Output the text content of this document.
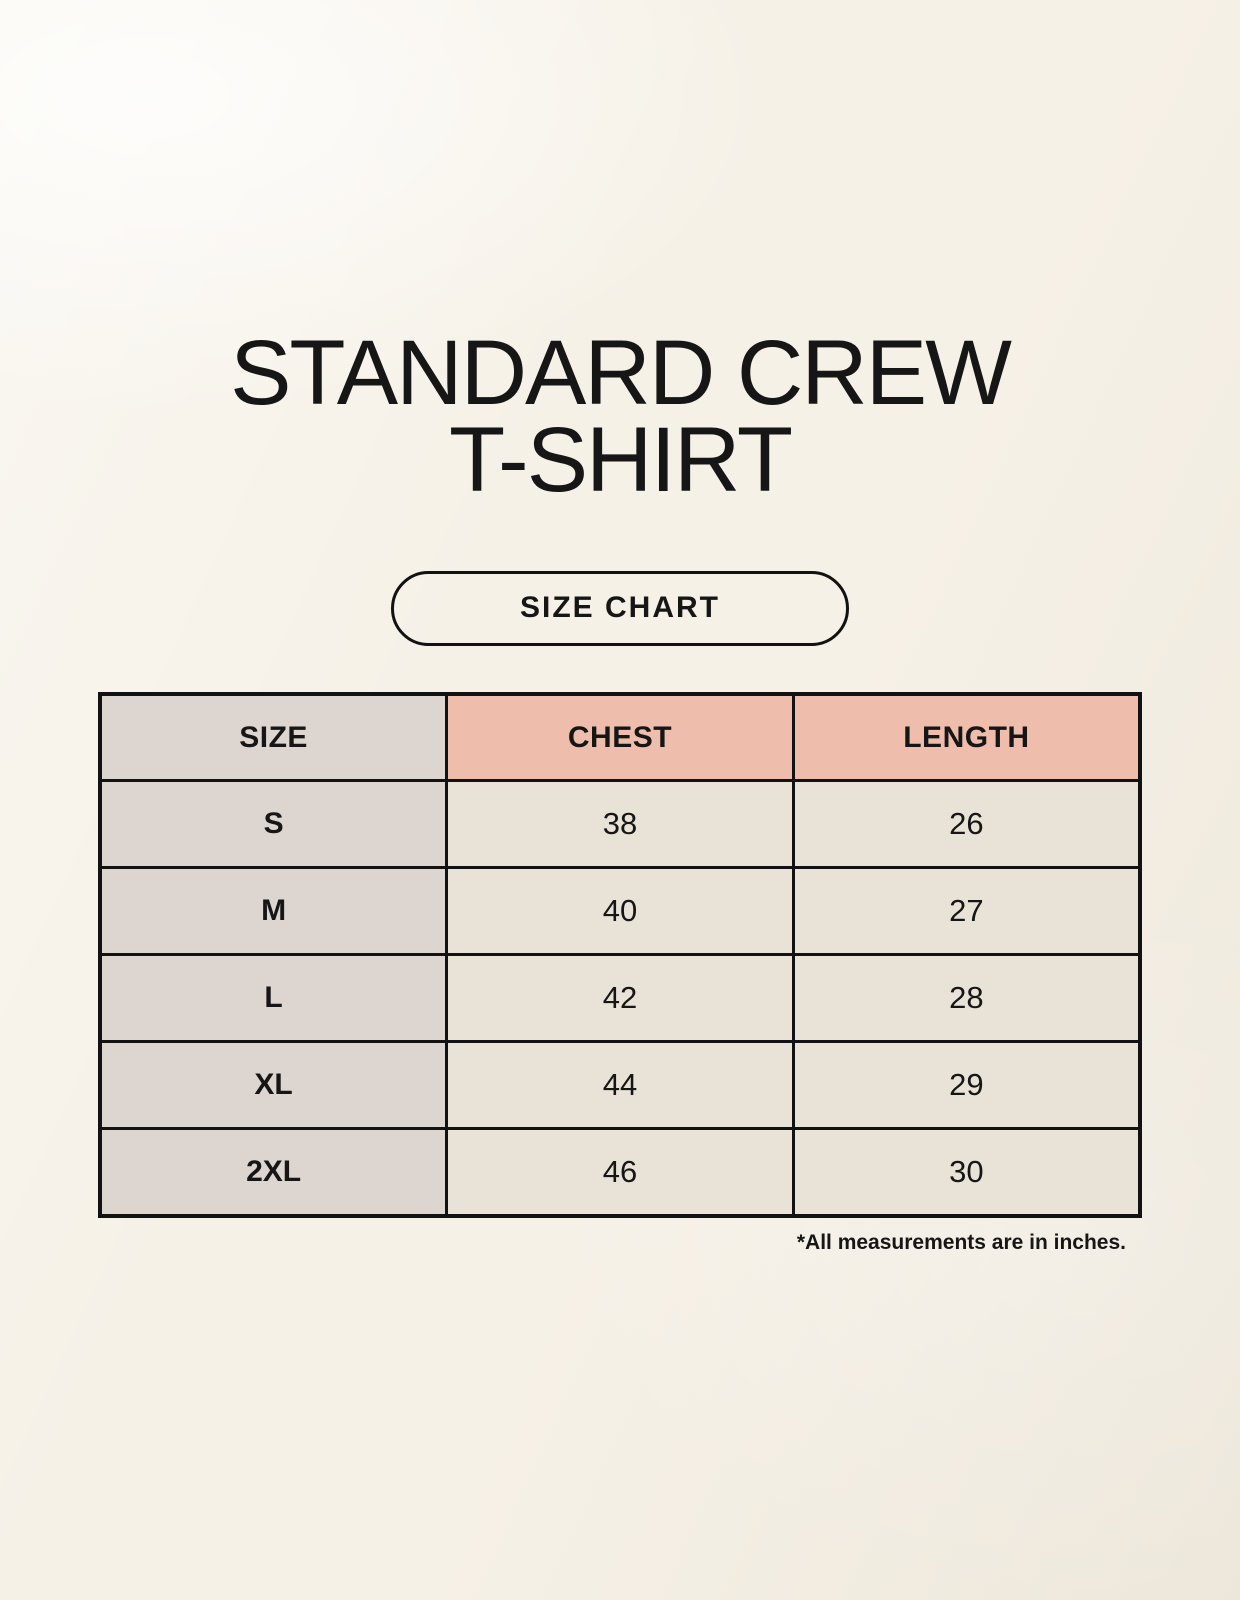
STANDARD CREW
T-SHIRT
SIZE CHART
SIZE	CHEST	LENGTH
S	38	26
M	40	27
L	42	28
XL	44	29
2XL	46	30
*All measurements are in inches.
